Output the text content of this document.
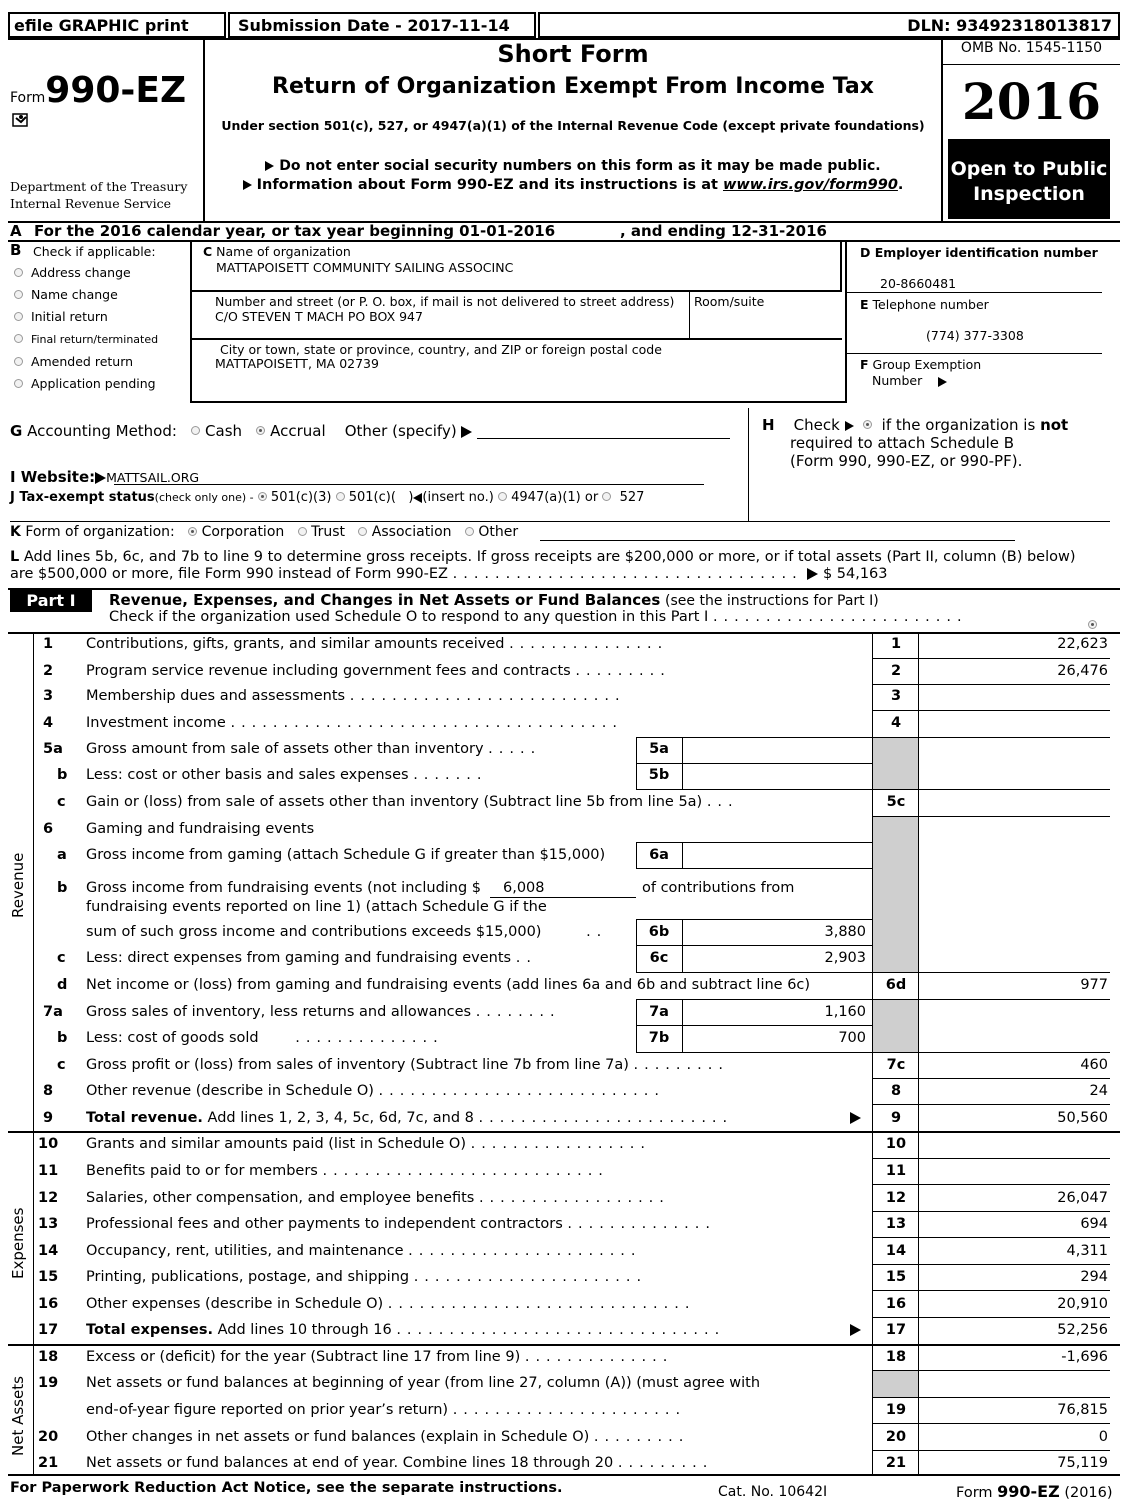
efile GRAPHIC print	Submission Date - 2017-11-14	DLN: 93492318013817
Form990-EZ
Department of the Treasury
Internal Revenue Service
Short Form
Return of Organization Exempt From Income Tax
Under section 501(c), 527, or 4947(a)(1) of the Internal Revenue Code (except private foundations)
Do not enter social security numbers on this form as it may be made public.
Information about Form 990-EZ and its instructions is at www.irs.gov/form990.
OMB No. 1545-1150
2016
Open to Public
Inspection
A For the 2016 calendar year, or tax year beginning 01-01-2016	, and ending 12-31-2016
B Check if applicable:
Address change
Name change
Initial return
Final return/terminated
Amended return
Application pending
C Name of organization
MATTAPOISETT COMMUNITY SAILING ASSOCINC
Number and street (or P. O. box, if mail is not delivered to street address) Room/suite
C/O STEVEN T MACH PO BOX 947
City or town, state or province, country, and ZIP or foreign postal code
MATTAPOISETT, MA 02739
D Employer identification number
20-8660481
E Telephone number
(774) 377-3308
F Group Exemption
Number
G Accounting Method: Cash Accrual Other (specify)	H Check	if the organization is not
required to attach Schedule B
(Form 990, 990-EZ, or 990-PF).
I Website: MATTSAIL.ORG
J Tax-exempt status(check only one) - 501(c)(3) 501(c)( ) (insert no.) 4947(a)(1) or 527
K Form of organization: Corporation Trust Association Other
L Add lines 5b, 6c, and 7b to line 9 to determine gross receipts. If gross receipts are $200,000 or more, or if total assets (Part II, column (B) below)
are $500,000 or more, file Form 990 instead of Form 990-EZ ................................. $ 54,163
Part I	Revenue, Expenses, and Changes in Net Assets or Fund Balances (see the instructions for Part I)
Check if the organization used Schedule O to respond to any question in this Part I ........................
Revenue
Expenses
Net Assets
1 Contributions, gifts, grants, and similar amounts received ...............	1	22,623
2 Program service revenue including government fees and contracts .........	2	26,476
3 Membership dues and assessments ..........................	3
4 Investment income .....................................	4
5a Gross amount from sale of assets other than inventory .....	5a
b Less: cost or other basis and sales expenses .......	5b
c Gain or (loss) from sale of assets other than inventory (Subtract line 5b from line 5a) ...	5c
6 Gaming and fundraising events
a Gross income from gaming (attach Schedule G if greater than $15,000)	6a
b Gross income from fundraising events (not including $ 6,008	of contributions from
fundraising events reported on line 1) (attach Schedule G if the
sum of such gross income and contributions exceeds $15,000)	..	6b	3,880
c Less: direct expenses from gaming and fundraising events ..	6c	2,903
d Net income or (loss) from gaming and fundraising events (add lines 6a and 6b and subtract line 6c)	6d	977
7a Gross sales of inventory, less returns and allowances ........	7a	1,160
b Less: cost of goods sold	..............	7b	700
c Gross profit or (loss) from sales of inventory (Subtract line 7b from line 7a) .........	7c	460
8 Other revenue (describe in Schedule O) ...........................	8	24
9 Total revenue. Add lines 1, 2, 3, 4, 5c, 6d, 7c, and 8 ........................	9	50,560
10 Grants and similar amounts paid (list in Schedule O) .................	10
11 Benefits paid to or for members ...........................	11
12 Salaries, other compensation, and employee benefits ..................	12	26,047
13 Professional fees and other payments to independent contractors ..............	13	694
14 Occupancy, rent, utilities, and maintenance ......................	14	4,311
15 Printing, publications, postage, and shipping ......................	15	294
16 Other expenses (describe in Schedule O) .............................	16	20,910
17 Total expenses. Add lines 10 through 16 ...............................	17	52,256
18 Excess or (deficit) for the year (Subtract line 17 from line 9) ..............	18	-1,696
19 Net assets or fund balances at beginning of year (from line 27, column (A)) (must agree with
end-of-year figure reported on prior year’s return) ......................	19	76,815
20 Other changes in net assets or fund balances (explain in Schedule O) .........	20	0
21 Net assets or fund balances at end of year. Combine lines 18 through 20 .........	21	75,119
For Paperwork Reduction Act Notice, see the separate instructions.	Cat. No. 10642I	Form 990-EZ (2016)
